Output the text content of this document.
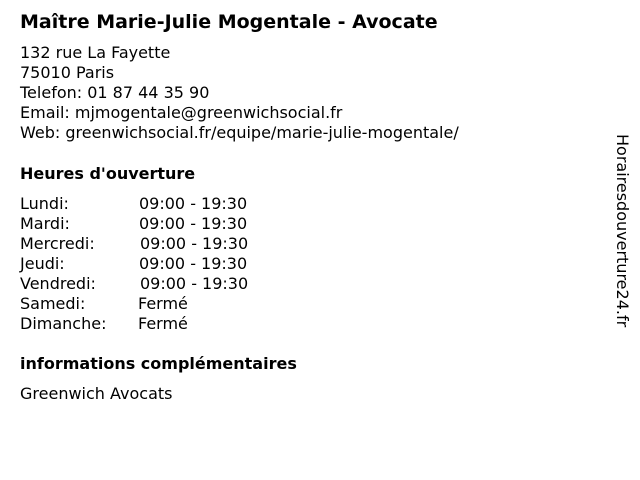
Maître Marie-Julie Mogentale - Avocate
132 rue La Fayette
75010 Paris
Telefon: 01 87 44 35 90
Email: mjmogentale@greenwichsocial.fr
Web: greenwichsocial.fr/equipe/marie-julie-mogentale/
Heures d'ouverture
Lundi:	09:00 - 19:30
Mardi:	09:00 - 19:30
Mercredi:	09:00 - 19:30
Jeudi:	09:00 - 19:30
Vendredi:	09:00 - 19:30
Samedi:	Fermé
Dimanche: Fermé
informations complémentaires
Greenwich Avocats
Horairesdouverture24.fr
